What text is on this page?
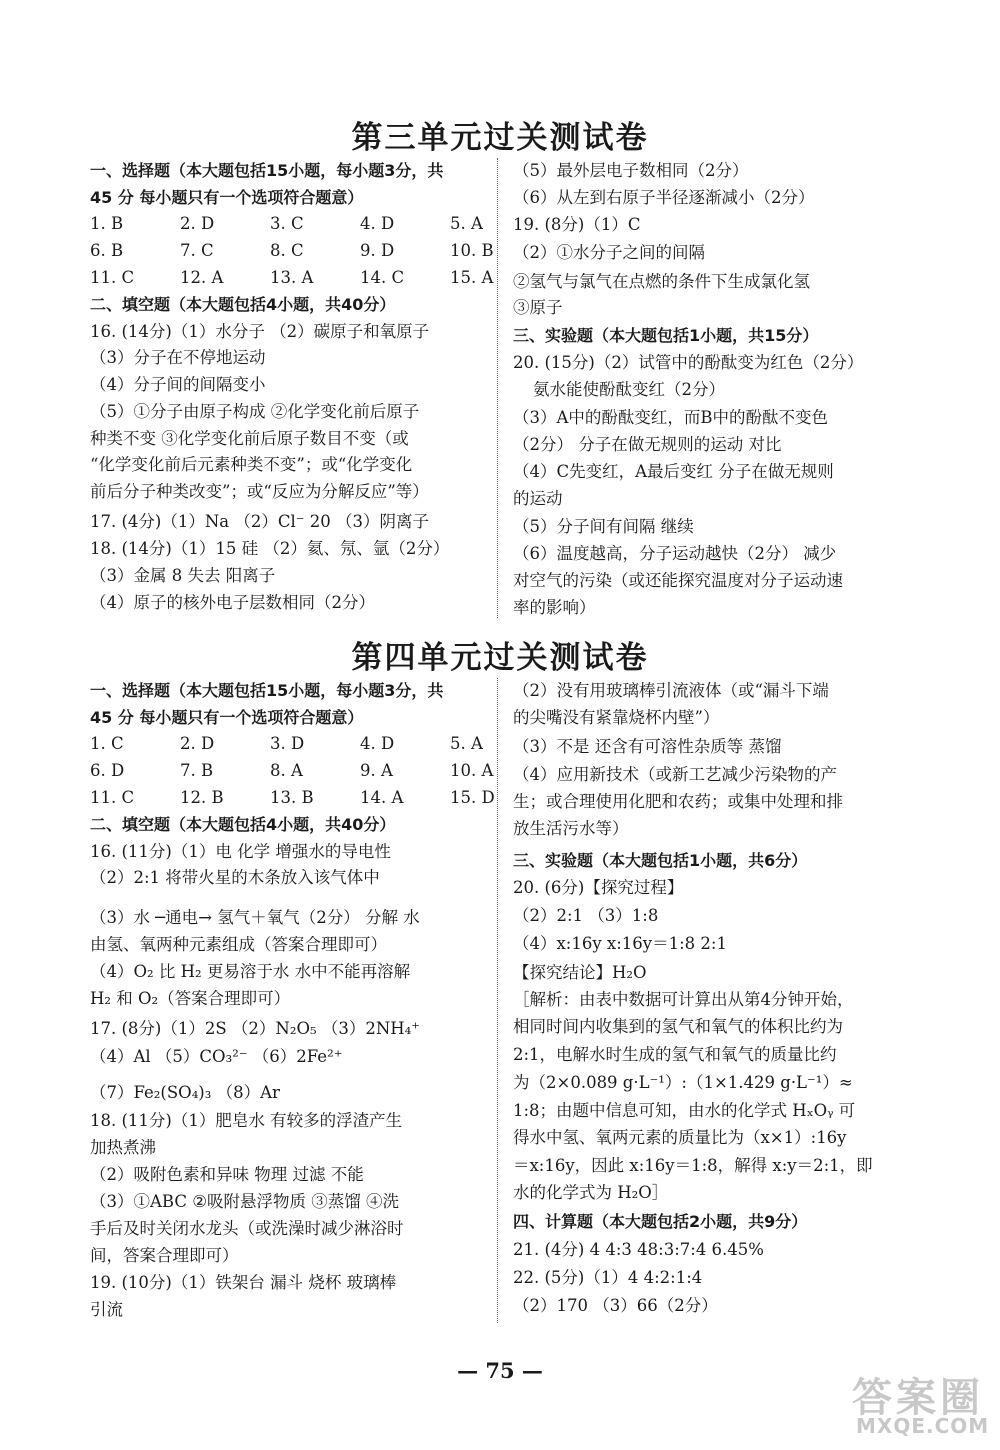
第三单元过关测试卷
一、选择题（本大题包括15小题，每小题3分，共
45 分 每小题只有一个选项符合题意）
1. B	2. D	3. C	4. D	5. A
6. B	7. C	8. C	9. D	10. B
11. C	12. A	13. A	14. C	15. A
二、填空题（本大题包括4小题，共40分）
16. (14分)（1）水分子 （2）碳原子和氧原子
（3）分子在不停地运动
（4）分子间的间隔变小
（5）①分子由原子构成 ②化学变化前后原子
种类不变 ③化学变化前后原子数目不变（或
“化学变化前后元素种类不变”；或“化学变化
前后分子种类改变”；或“反应为分解反应”等）
17. (4分)（1）Na （2）Cl⁻ 20 （3）阴离子
18. (14分)（1）15 硅 （2）氦、氖、氩（2分）
（3）金属 8 失去 阳离子
（4）原子的核外电子层数相同（2分）
（5）最外层电子数相同（2分）
（6）从左到右原子半径逐渐减小（2分）
19. (8分)（1）C
（2）①水分子之间的间隔
②氢气与氯气在点燃的条件下生成氯化氢
③原子
三、实验题（本大题包括1小题，共15分）
20. (15分)（2）试管中的酚酞变为红色（2分）
氨水能使酚酞变红（2分）
（3）A中的酚酞变红，而B中的酚酞不变色
（2分） 分子在做无规则的运动 对比
（4）C先变红，A最后变红 分子在做无规则
的运动
（5）分子间有间隔 继续
（6）温度越高，分子运动越快（2分） 减少
对空气的污染（或还能探究温度对分子运动速
率的影响）
第四单元过关测试卷
一、选择题（本大题包括15小题，每小题3分，共
45 分 每小题只有一个选项符合题意）
1. C	2. D	3. D	4. D	5. A
6. D	7. B	8. A	9. A	10. A
11. C	12. B	13. B	14. A	15. D
二、填空题（本大题包括4小题，共40分）
16. (11分)（1）电 化学 增强水的导电性
（2）2:1 将带火星的木条放入该气体中
（3）水 ─通电→ 氢气＋氧气（2分） 分解 水
由氢、氧两种元素组成（答案合理即可）
（4）O₂ 比 H₂ 更易溶于水 水中不能再溶解
H₂ 和 O₂（答案合理即可）
17. (8分)（1）2S （2）N₂O₅ （3）2NH₄⁺
（4）Al （5）CO₃²⁻ （6）2Fe²⁺
（7）Fe₂(SO₄)₃ （8）Ar
18. (11分)（1）肥皂水 有较多的浮渣产生
加热煮沸
（2）吸附色素和异味 物理 过滤 不能
（3）①ABC ②吸附悬浮物质 ③蒸馏 ④洗
手后及时关闭水龙头（或洗澡时减少淋浴时
间，答案合理即可）
19. (10分)（1）铁架台 漏斗 烧杯 玻璃棒
引流
（2）没有用玻璃棒引流液体（或“漏斗下端
的尖嘴没有紧靠烧杯内壁”）
（3）不是 还含有可溶性杂质等 蒸馏
（4）应用新技术（或新工艺减少污染物的产
生；或合理使用化肥和农药；或集中处理和排
放生活污水等）
三、实验题（本大题包括1小题，共6分）
20. (6分)【探究过程】
（2）2:1 （3）1:8
（4）x:16y x:16y＝1:8 2:1
【探究结论】H₂O
［解析：由表中数据可计算出从第4分钟开始，
相同时间内收集到的氢气和氧气的体积比约为
2:1，电解水时生成的氢气和氧气的质量比约
为（2×0.089 g·L⁻¹）:（1×1.429 g·L⁻¹）≈
1:8；由题中信息可知，由水的化学式 HₓOᵧ 可
得水中氢、氧两元素的质量比为（x×1）:16y
＝x:16y，因此 x:16y＝1:8，解得 x:y＝2:1，即
水的化学式为 H₂O］
四、计算题（本大题包括2小题，共9分）
21. (4分) 4 4:3 48:3:7:4 6.45%
22. (5分)（1）4 4:2:1:4
（2）170 （3）66（2分）
— 75 —
答案圈
MXQE.COM
